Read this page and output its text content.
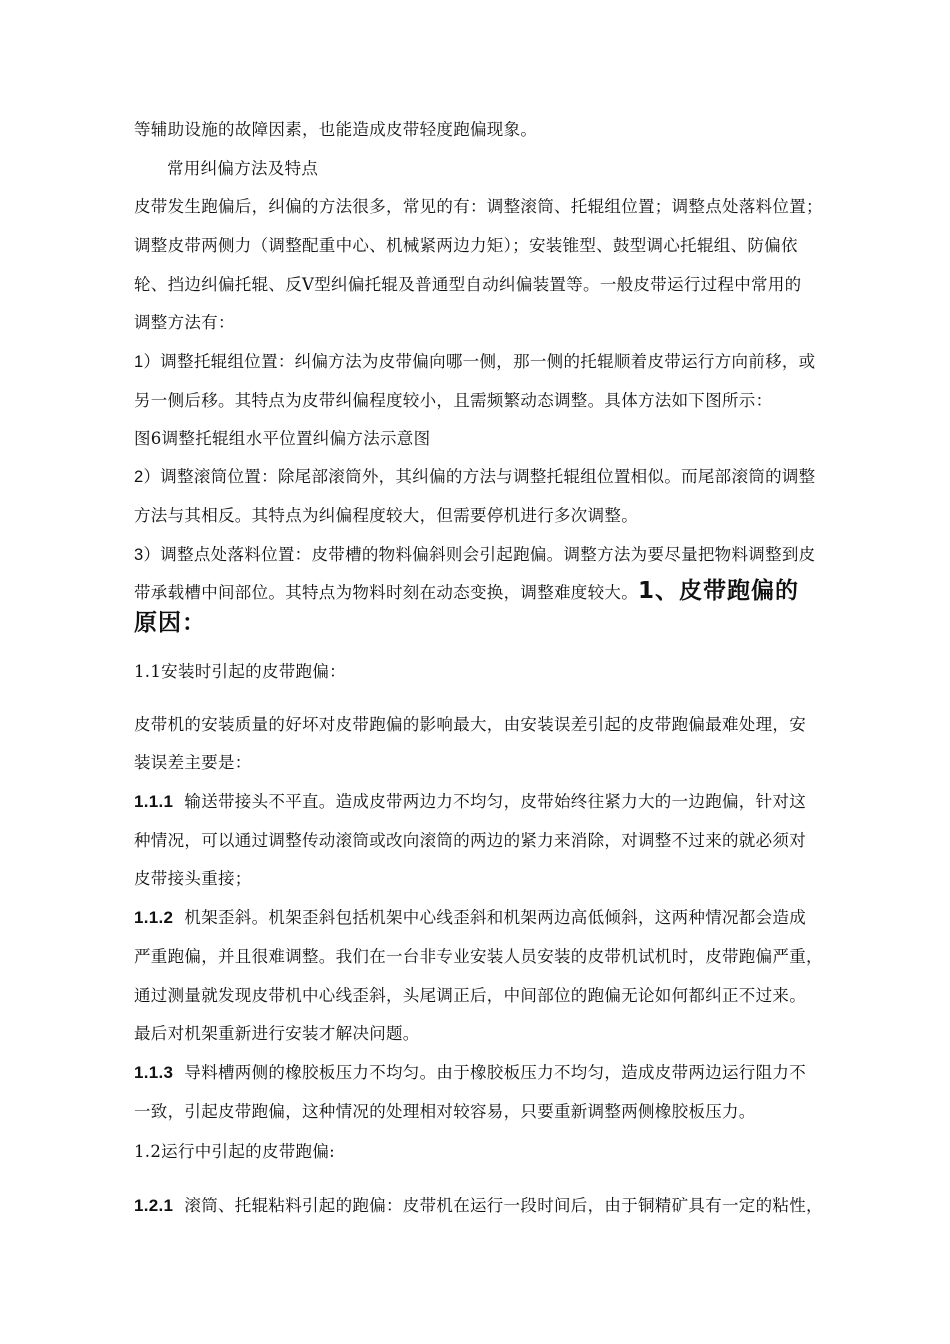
等辅助设施的故障因素，也能造成皮带轻度跑偏现象。
常用纠偏方法及特点
皮带发生跑偏后，纠偏的方法很多，常见的有：调整滚筒、托辊组位置；调整点处落料位置；
调整皮带两侧力（调整配重中心、机械紧两边力矩）；安装锥型、鼓型调心托辊组、防偏依
轮、挡边纠偏托辊、反V型纠偏托辊及普通型自动纠偏装置等。一般皮带运行过程中常用的
调整方法有：
1）调整托辊组位置：纠偏方法为皮带偏向哪一侧，那一侧的托辊顺着皮带运行方向前移，或
另一侧后移。其特点为皮带纠偏程度较小，且需频繁动态调整。具体方法如下图所示：
图6调整托辊组水平位置纠偏方法示意图
2）调整滚筒位置：除尾部滚筒外，其纠偏的方法与调整托辊组位置相似。而尾部滚筒的调整
方法与其相反。其特点为纠偏程度较大，但需要停机进行多次调整。
3）调整点处落料位置：皮带槽的物料偏斜则会引起跑偏。调整方法为要尽量把物料调整到皮
带承载槽中间部位。其特点为物料时刻在动态变换，调整难度较大。1、皮带跑偏的
原因：
1.1安装时引起的皮带跑偏：
皮带机的安装质量的好坏对皮带跑偏的影响最大，由安装误差引起的皮带跑偏最难处理，安
装误差主要是：
1.1.1 输送带接头不平直。造成皮带两边力不均匀，皮带始终往紧力大的一边跑偏，针对这
种情况，可以通过调整传动滚筒或改向滚筒的两边的紧力来消除，对调整不过来的就必须对
皮带接头重接；
1.1.2 机架歪斜。机架歪斜包括机架中心线歪斜和机架两边高低倾斜，这两种情况都会造成
严重跑偏，并且很难调整。我们在一台非专业安装人员安装的皮带机试机时，皮带跑偏严重，
通过测量就发现皮带机中心线歪斜，头尾调正后，中间部位的跑偏无论如何都纠正不过来。
最后对机架重新进行安装才解决问题。
1.1.3 导料槽两侧的橡胶板压力不均匀。由于橡胶板压力不均匀，造成皮带两边运行阻力不
一致，引起皮带跑偏，这种情况的处理相对较容易，只要重新调整两侧橡胶板压力。
1.2运行中引起的皮带跑偏:
1.2.1 滚筒、托辊粘料引起的跑偏：皮带机在运行一段时间后，由于铜精矿具有一定的粘性，
